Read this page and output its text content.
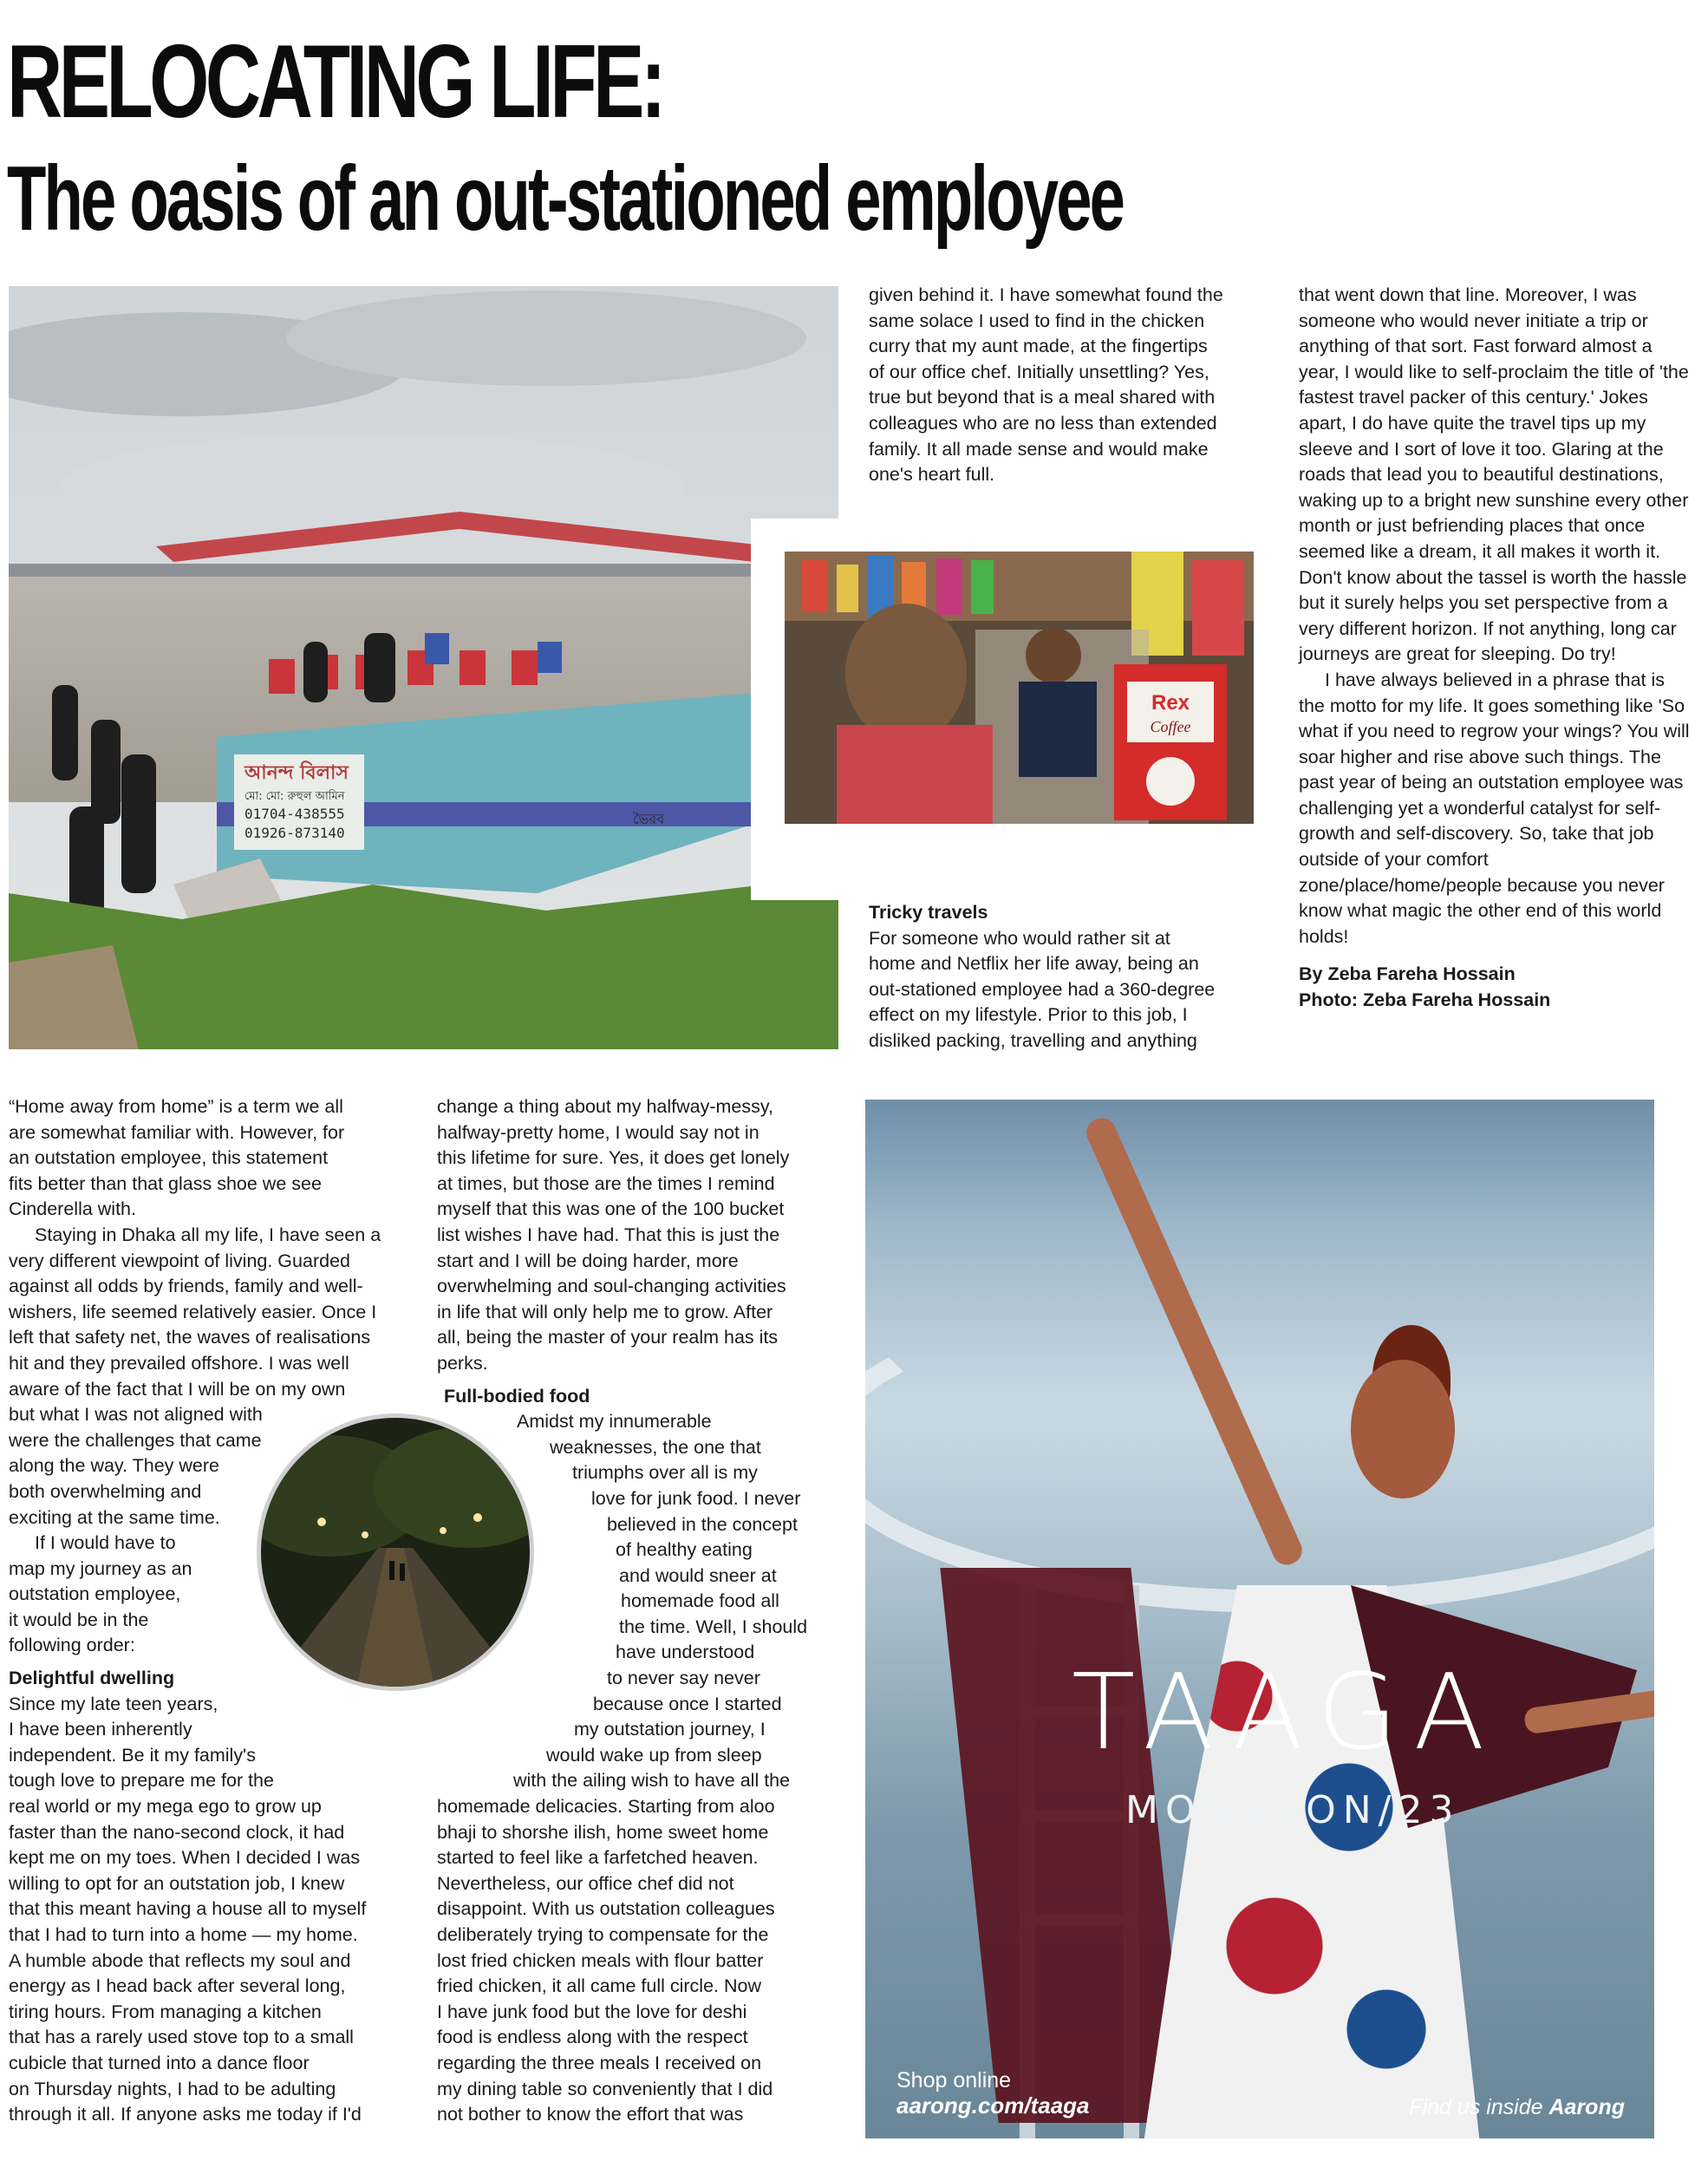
RELOCATING LIFE:
The oasis of an out-stationed employee
আনন্দ বিলাস
মো: মো: রুহুল আমিন
01704-438555
01926-873140
ভৈরব
Rex
Coffee
given behind it. I have somewhat found the
same solace I used to find in the chicken
curry that my aunt made, at the fingertips
of our office chef. Initially unsettling? Yes,
true but beyond that is a meal shared with
colleagues who are no less than extended
family. It all made sense and would make
one's heart full.
Tricky travels
For someone who would rather sit at
home and Netflix her life away, being an
out-stationed employee had a 360-degree
effect on my lifestyle. Prior to this job, I
disliked packing, travelling and anything

that went down that line. Moreover, I was someone who would never initiate a trip or anything of that sort. Fast forward almost a year, I would like to self-proclaim the title of 'the fastest travel packer of this century.' Jokes apart, I do have quite the travel tips up my sleeve and I sort of love it too. Glaring at the roads that lead you to beautiful destinations, waking up to a bright new sunshine every other month or just befriending places that once seemed like a dream, it all makes it worth it. Don't know about the tassel is worth the hassle but it surely helps you set perspective from a very different horizon. If not anything, long car journeys are great for sleeping. Do try!

I have always believed in a phrase that is the motto for my life. It goes something like 'So what if you need to regrow your wings? You will soar higher and rise above such things. The past year of being an outstation employee was challenging yet a wonderful catalyst for self-growth and self-discovery. So, take that job outside of your comfort zone/place/home/people because you never know what magic the other end of this world holds!

By Zeba Fareha Hossain
Photo: Zeba Fareha Hossain
“Home away from home” is a term we all
are somewhat familiar with. However, for
an outstation employee, this statement
fits better than that glass shoe we see
Cinderella with.
Staying in Dhaka all my life, I have seen a
very different viewpoint of living. Guarded
against all odds by friends, family and well-
wishers, life seemed relatively easier. Once I
left that safety net, the waves of realisations
hit and they prevailed offshore. I was well
aware of the fact that I will be on my own
but what I was not aligned with
were the challenges that came
along the way. They were
both overwhelming and
exciting at the same time.
If I would have to
map my journey as an
outstation employee,
it would be in the
following order:
Delightful dwelling
Since my late teen years,
I have been inherently
independent. Be it my family's
tough love to prepare me for the
real world or my mega ego to grow up
faster than the nano-second clock, it had
kept me on my toes. When I decided I was
willing to opt for an outstation job, I knew
that this meant having a house all to myself
that I had to turn into a home — my home.
A humble abode that reflects my soul and
energy as I head back after several long,
tiring hours. From managing a kitchen
that has a rarely used stove top to a small
cubicle that turned into a dance floor
on Thursday nights, I had to be adulting
through it all. If anyone asks me today if I'd
change a thing about my halfway-messy,
halfway-pretty home, I would say not in
this lifetime for sure. Yes, it does get lonely
at times, but those are the times I remind
myself that this was one of the 100 bucket
list wishes I have had. That this is just the
start and I will be doing harder, more
overwhelming and soul-changing activities
in life that will only help me to grow. After
all, being the master of your realm has its
perks.
Full-bodied food
Amidst my innumerable
weaknesses, the one that
triumphs over all is my
love for junk food. I never
believed in the concept
of healthy eating
and would sneer at
homemade food all
the time. Well, I should
have understood
to never say never
because once I started
my outstation journey, I
would wake up from sleep
with the ailing wish to have all the
homemade delicacies. Starting from aloo
bhaji to shorshe ilish, home sweet home
started to feel like a farfetched heaven.
Nevertheless, our office chef did not
disappoint. With us outstation colleagues
deliberately trying to compensate for the
lost fried chicken meals with flour batter
fried chicken, it all came full circle. Now
I have junk food but the love for deshi
food is endless along with the respect
regarding the three meals I received on
my dining table so conveniently that I did
not bother to know the effort that was
TAAGA
MONSOON/23
Shop online
aarong.com/taaga	Find us inside Aarong
